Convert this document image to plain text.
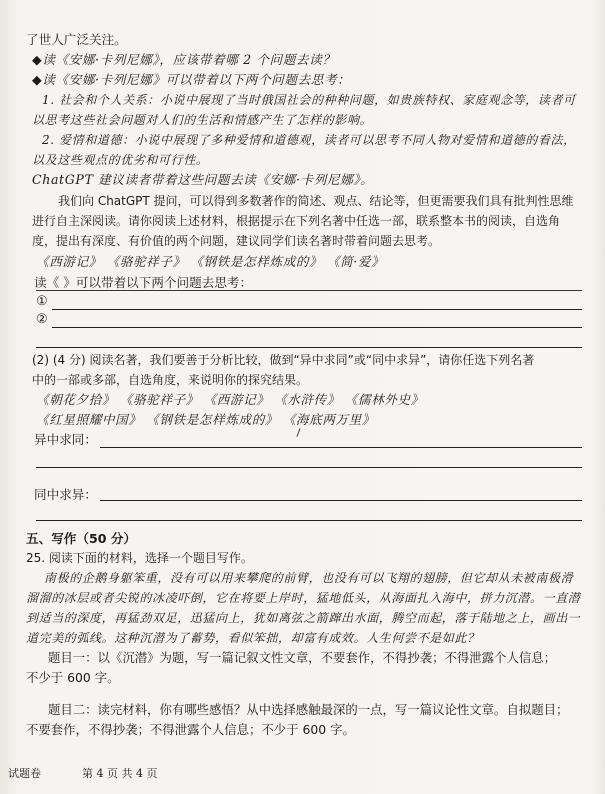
了世人广泛关注。
◆读《安娜·卡列尼娜》，应该带着哪 2 个问题去读？
◆读《安娜·卡列尼娜》可以带着以下两个问题去思考：
1. 社会和个人关系：小说中展现了当时俄国社会的种种问题，如贵族特权、家庭观念等，读者可
以思考这些社会问题对人们的生活和情感产生了怎样的影响。
2. 爱情和道德：小说中展现了多种爱情和道德观，读者可以思考不同人物对爱情和道德的看法，
以及这些观点的优劣和可行性。
ChatGPT 建议读者带着这些问题去读《安娜·卡列尼娜》。
我们向 ChatGPT 提问，可以得到多数著作的简述、观点、结论等，但更需要我们具有批判性思维
进行自主深阅读。请你阅读上述材料，根据提示在下列名著中任选一部，联系整本书的阅读，自选角
度，提出有深度、有价值的两个问题，建议同学们读名著时带着问题去思考。
《西游记》 《骆驼祥子》 《钢铁是怎样炼成的》 《简·爱》
读《 》可以带着以下两个问题去思考：
①
②
(2) (4 分) 阅读名著，我们要善于分析比较，做到“异中求同”或“同中求异”，请你任选下列名著
中的一部或多部，自选角度，来说明你的探究结果。
《朝花夕拾》 《骆驼祥子》 《西游记》 《水浒传》 《儒林外史》
《红星照耀中国》 《钢铁是怎样炼成的》 《海底两万里》
异中求同：
同中求异：
五、写作（50 分）
25. 阅读下面的材料，选择一个题目写作。
南极的企鹅身躯笨重，没有可以用来攀爬的前臂，也没有可以飞翔的翅膀，但它却从未被南极滑
溜溜的冰层或者尖锐的冰凌吓倒，它在将要上岸时，猛地低头，从海面扎入海中，拼力沉潜。一直潜
到适当的深度，再猛劲双足，迅猛向上，犹如离弦之箭蹿出水面，腾空而起，落于陆地之上，画出一
道完美的弧线。这种沉潜为了蓄势，看似笨拙，却富有成效。人生何尝不是如此？
题目一：以《沉潜》为题，写一篇记叙文性文章，不要套作，不得抄袭；不得泄露个人信息；
不少于 600 字。
题目二：读完材料，你有哪些感悟？从中选择感触最深的一点，写一篇议论性文章。自拟题目；
不要套作，不得抄袭；不得泄露个人信息；不少于 600 字。
试题卷	第 4 页 共 4 页
